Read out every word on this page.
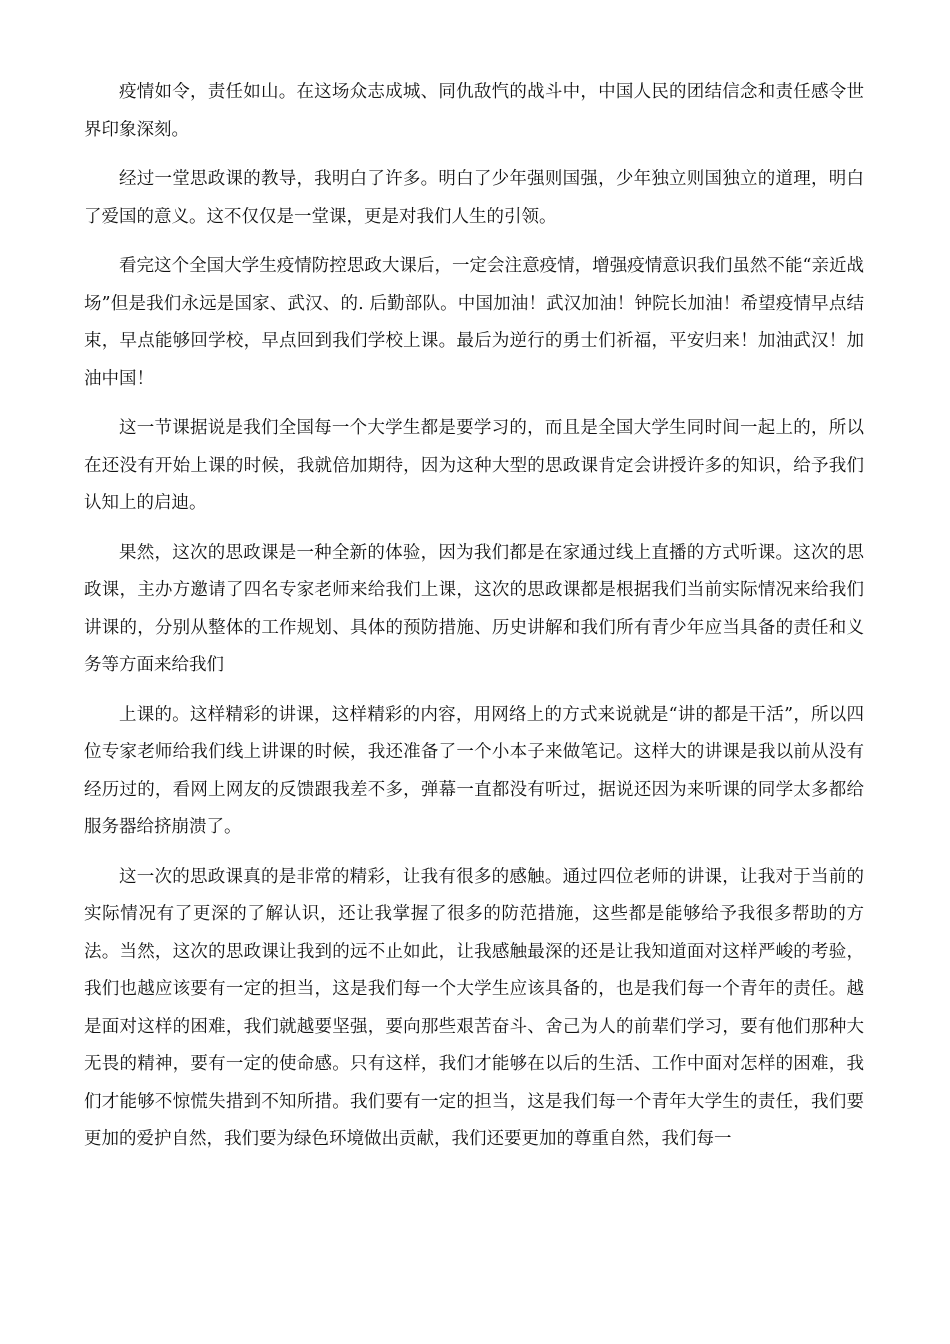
疫情如令，责任如山。在这场众志成城、同仇敌忾的战斗中，中国人民的团结信念和责任感令世界印象深刻。

经过一堂思政课的教导，我明白了许多。明白了少年强则国强，少年独立则国独立的道理，明白了爱国的意义。这不仅仅是一堂课，更是对我们人生的引领。

看完这个全国大学生疫情防控思政大课后，一定会注意疫情，增强疫情意识我们虽然不能“亲近战场”但是我们永远是国家、武汉、的. 后勤部队。中国加油！武汉加油！钟院长加油！希望疫情早点结束，早点能够回学校，早点回到我们学校上课。最后为逆行的勇士们祈福，平安归来！加油武汉！加油中国！

这一节课据说是我们全国每一个大学生都是要学习的，而且是全国大学生同时间一起上的，所以在还没有开始上课的时候，我就倍加期待，因为这种大型的思政课肯定会讲授许多的知识，给予我们认知上的启迪。

果然，这次的思政课是一种全新的体验，因为我们都是在家通过线上直播的方式听课。这次的思政课，主办方邀请了四名专家老师来给我们上课，这次的思政课都是根据我们当前实际情况来给我们讲课的，分别从整体的工作规划、具体的预防措施、历史讲解和我们所有青少年应当具备的责任和义务等方面来给我们

上课的。这样精彩的讲课，这样精彩的内容，用网络上的方式来说就是“讲的都是干活”，所以四位专家老师给我们线上讲课的时候，我还准备了一个小本子来做笔记。这样大的讲课是我以前从没有经历过的，看网上网友的反馈跟我差不多，弹幕一直都没有听过，据说还因为来听课的同学太多都给服务器给挤崩溃了。

这一次的思政课真的是非常的精彩，让我有很多的感触。通过四位老师的讲课，让我对于当前的实际情况有了更深的了解认识，还让我掌握了很多的防范措施，这些都是能够给予我很多帮助的方法。当然，这次的思政课让我到的远不止如此，让我感触最深的还是让我知道面对这样严峻的考验，我们也越应该要有一定的担当，这是我们每一个大学生应该具备的，也是我们每一个青年的责任。越是面对这样的困难，我们就越要坚强，要向那些艰苦奋斗、舍己为人的前辈们学习，要有他们那种大无畏的精神，要有一定的使命感。只有这样，我们才能够在以后的生活、工作中面对怎样的困难，我们才能够不惊慌失措到不知所措。我们要有一定的担当，这是我们每一个青年大学生的责任，我们要更加的爱护自然，我们要为绿色环境做出贡献，我们还要更加的尊重自然，我们每一
